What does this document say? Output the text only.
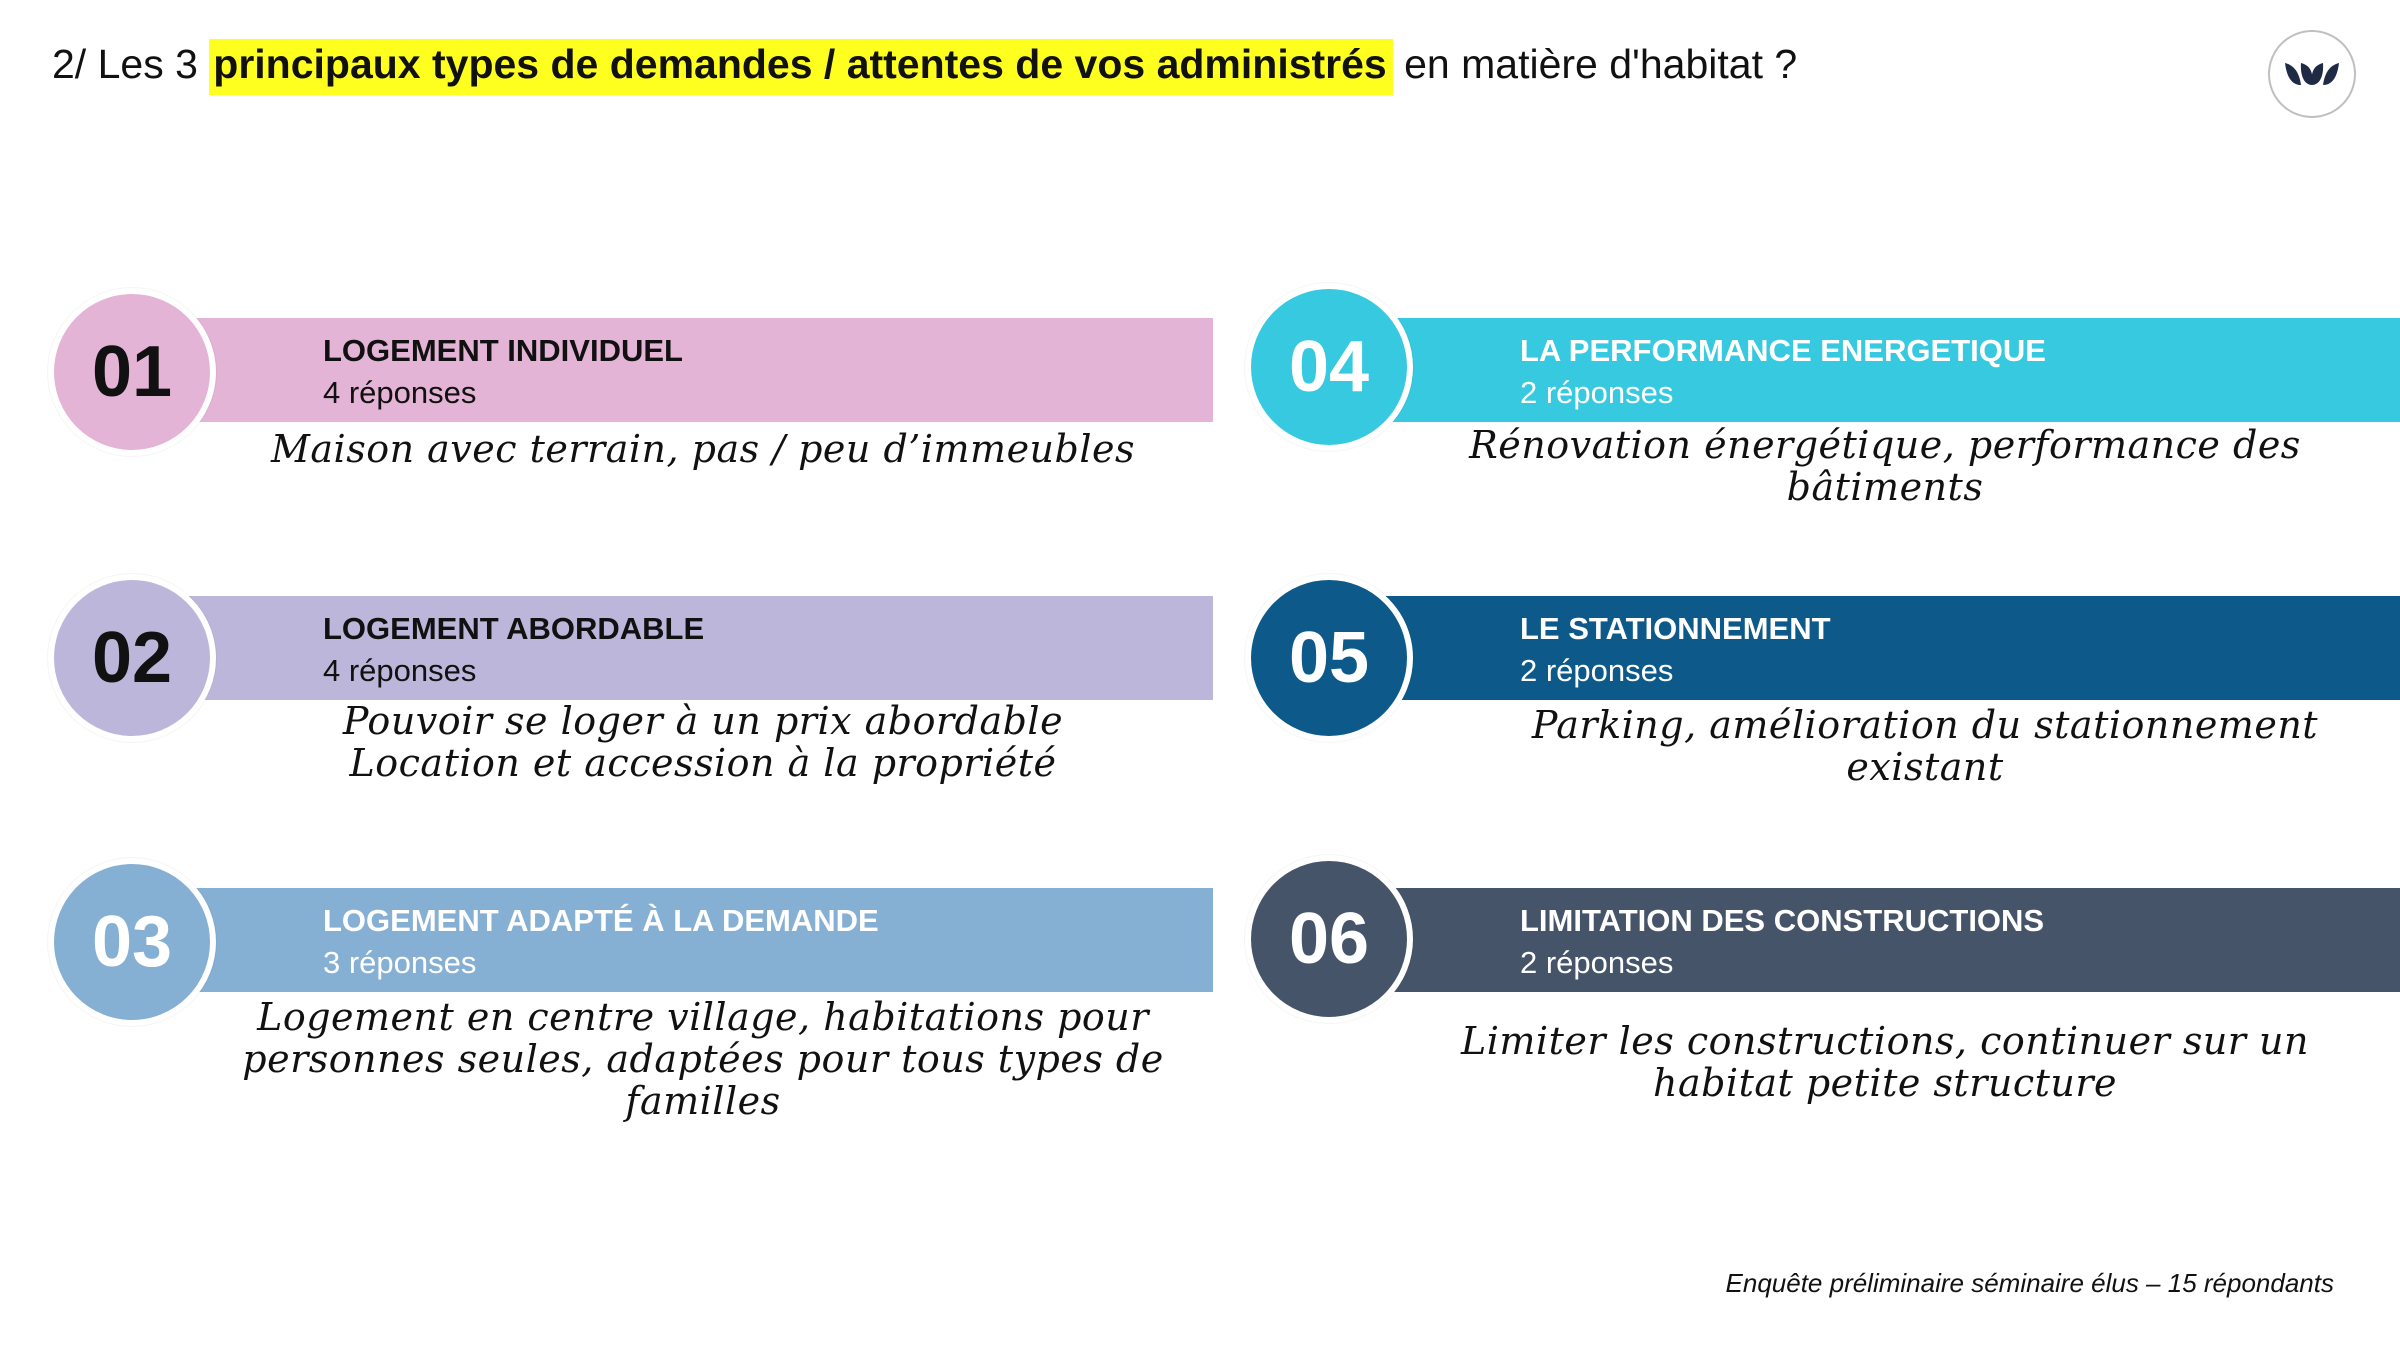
2/ Les 3 principaux types de demandes / attentes de vos administrés en matière d'habitat ?
LOGEMENT INDIVIDUEL
4 réponses
01
Maison avec terrain, pas / peu d’immeubles
LOGEMENT ABORDABLE
4 réponses
02
Pouvoir se loger à un prix abordable
Location et accession à la propriété
LOGEMENT ADAPTÉ À LA DEMANDE
3 réponses
03
Logement en centre village, habitations pour
personnes seules, adaptées pour tous types de
familles
LA PERFORMANCE ENERGETIQUE
2 réponses
04
Rénovation énergétique, performance des
bâtiments
LE STATIONNEMENT
2 réponses
05
Parking, amélioration du stationnement
existant
LIMITATION DES CONSTRUCTIONS
2 réponses
06
Limiter les constructions, continuer sur un
habitat petite structure
Enquête préliminaire séminaire élus – 15 répondants
